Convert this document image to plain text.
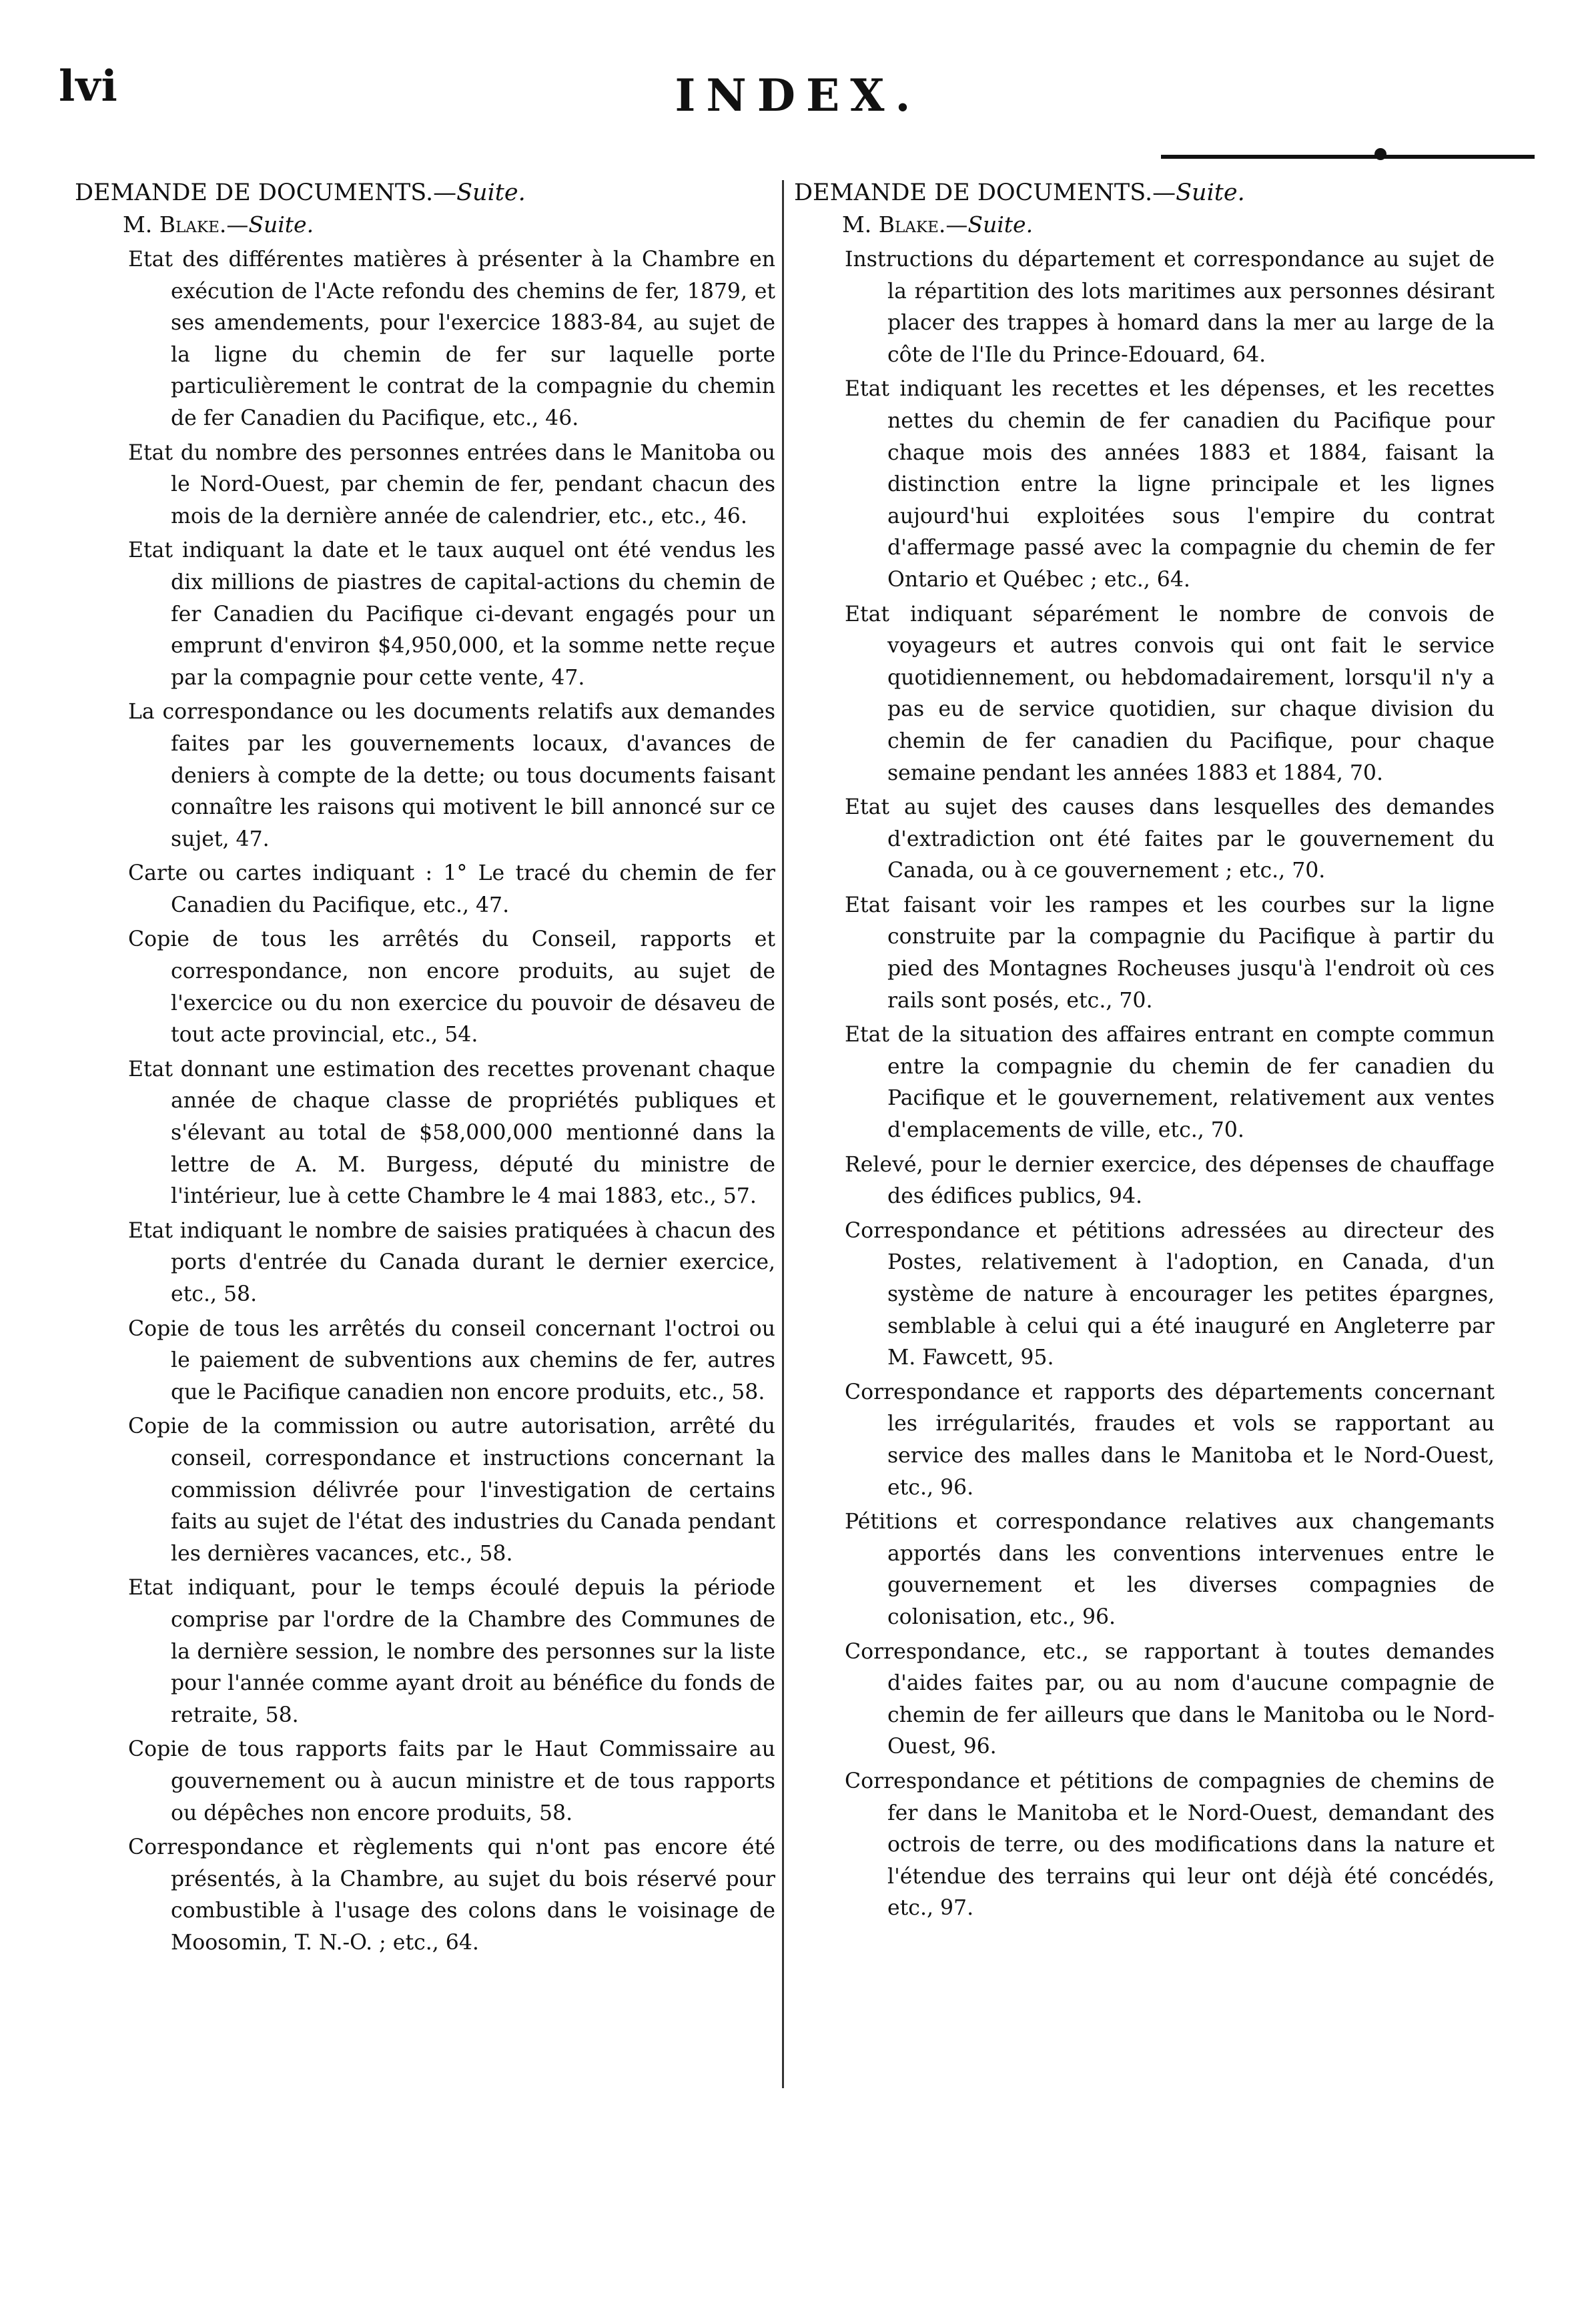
lvi	INDEX.
DEMANDE DE DOCUMENTS.—Suite.
M. Blake.—Suite.
Etat des différentes matières à présenter à la Chambre en exécution de l'Acte refondu des chemins de fer, 1879, et ses amendements, pour l'exercice 1883-84, au sujet de la ligne du chemin de fer sur laquelle porte particulièrement le contrat de la compagnie du chemin de fer Canadien du Pacifique, etc., 46.
Etat du nombre des personnes entrées dans le Manitoba ou le Nord-Ouest, par chemin de fer, pendant chacun des mois de la dernière année de calendrier, etc., etc., 46.
Etat indiquant la date et le taux auquel ont été vendus les dix millions de piastres de capital-actions du chemin de fer Canadien du Pacifique ci-devant engagés pour un emprunt d'environ $4,950,000, et la somme nette reçue par la compagnie pour cette vente, 47.
La correspondance ou les documents relatifs aux demandes faites par les gouvernements locaux, d'avances de deniers à compte de la dette; ou tous documents faisant connaître les raisons qui motivent le bill annoncé sur ce sujet, 47.
Carte ou cartes indiquant : 1° Le tracé du chemin de fer Canadien du Pacifique, etc., 47.
Copie de tous les arrêtés du Conseil, rapports et correspondance, non encore produits, au sujet de l'exercice ou du non exercice du pouvoir de désaveu de tout acte provincial, etc., 54.
Etat donnant une estimation des recettes provenant chaque année de chaque classe de propriétés publiques et s'élevant au total de $58,000,000 mentionné dans la lettre de A. M. Burgess, député du ministre de l'intérieur, lue à cette Chambre le 4 mai 1883, etc., 57.
Etat indiquant le nombre de saisies pratiquées à chacun des ports d'entrée du Canada durant le dernier exercice, etc., 58.
Copie de tous les arrêtés du conseil concernant l'octroi ou le paiement de subventions aux chemins de fer, autres que le Pacifique canadien non encore produits, etc., 58.
Copie de la commission ou autre autorisation, arrêté du conseil, correspondance et instructions concernant la commission délivrée pour l'investigation de certains faits au sujet de l'état des industries du Canada pendant les dernières vacances, etc., 58.
Etat indiquant, pour le temps écoulé depuis la période comprise par l'ordre de la Chambre des Communes de la dernière session, le nombre des personnes sur la liste pour l'année comme ayant droit au bénéfice du fonds de retraite, 58.
Copie de tous rapports faits par le Haut Commissaire au gouvernement ou à aucun ministre et de tous rapports ou dépêches non encore produits, 58.
Correspondance et règlements qui n'ont pas encore été présentés, à la Chambre, au sujet du bois réservé pour combustible à l'usage des colons dans le voisinage de Moosomin, T. N.-O. ; etc., 64.
DEMANDE DE DOCUMENTS.—Suite.
M. Blake.—Suite.
Instructions du département et correspondance au sujet de la répartition des lots maritimes aux personnes désirant placer des trappes à homard dans la mer au large de la côte de l'Ile du Prince-Edouard, 64.
Etat indiquant les recettes et les dépenses, et les recettes nettes du chemin de fer canadien du Pacifique pour chaque mois des années 1883 et 1884, faisant la distinction entre la ligne principale et les lignes aujourd'hui exploitées sous l'empire du contrat d'affermage passé avec la compagnie du chemin de fer Ontario et Québec ; etc., 64.
Etat indiquant séparément le nombre de convois de voyageurs et autres convois qui ont fait le service quotidiennement, ou hebdomadairement, lorsqu'il n'y a pas eu de service quotidien, sur chaque division du chemin de fer canadien du Pacifique, pour chaque semaine pendant les années 1883 et 1884, 70.
Etat au sujet des causes dans lesquelles des demandes d'extradiction ont été faites par le gouvernement du Canada, ou à ce gouvernement ; etc., 70.
Etat faisant voir les rampes et les courbes sur la ligne construite par la compagnie du Pacifique à partir du pied des Montagnes Rocheuses jusqu'à l'endroit où ces rails sont posés, etc., 70.
Etat de la situation des affaires entrant en compte commun entre la compagnie du chemin de fer canadien du Pacifique et le gouvernement, relativement aux ventes d'emplacements de ville, etc., 70.
Relevé, pour le dernier exercice, des dépenses de chauffage des édifices publics, 94.
Correspondance et pétitions adressées au directeur des Postes, relativement à l'adoption, en Canada, d'un système de nature à encourager les petites épargnes, semblable à celui qui a été inauguré en Angleterre par M. Fawcett, 95.
Correspondance et rapports des départements concernant les irrégularités, fraudes et vols se rapportant au service des malles dans le Manitoba et le Nord-Ouest, etc., 96.
Pétitions et correspondance relatives aux changemants apportés dans les conventions intervenues entre le gouvernement et les diverses compagnies de colonisation, etc., 96.
Correspondance, etc., se rapportant à toutes demandes d'aides faites par, ou au nom d'aucune compagnie de chemin de fer ailleurs que dans le Manitoba ou le Nord-Ouest, 96.
Correspondance et pétitions de compagnies de chemins de fer dans le Manitoba et le Nord-Ouest, demandant des octrois de terre, ou des modifications dans la nature et l'étendue des terrains qui leur ont déjà été concédés, etc., 97.
